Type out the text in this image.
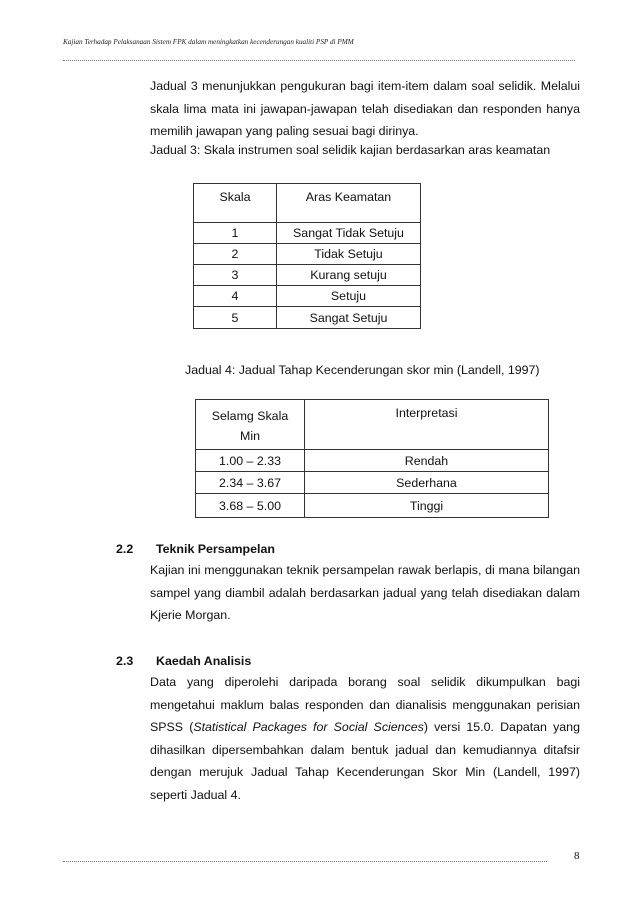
Kajian Terhadap Pelaksanaan Sistem FPK dalam meningkatkan kecenderungan kualiti PSP di PMM

Jadual 3 menunjukkan pengukuran bagi item-item dalam soal selidik. Melalui skala lima mata ini jawapan-jawapan telah disediakan dan responden hanya memilih jawapan yang paling sesuai bagi dirinya.

Jadual 3: Skala instrumen soal selidik kajian berdasarkan aras keamatan

Skala	Aras Keamatan
1	Sangat Tidak Setuju
2	Tidak Setuju
3	Kurang setuju
4	Setuju
5	Sangat Setuju

Jadual 4: Jadual Tahap Kecenderungan skor min (Landell, 1997)

Selamg Skala
Min	Interpretasi
1.00 – 2.33	Rendah
2.34 – 3.67	Sederhana
3.68 – 5.00	Tinggi
2.2 Teknik Persampelan

Kajian ini menggunakan teknik persampelan rawak berlapis, di mana bilangan sampel yang diambil adalah berdasarkan jadual yang telah disediakan dalam Kjerie Morgan.

2.3 Kaedah Analisis

Data yang diperolehi daripada borang soal selidik dikumpulkan bagi mengetahui maklum balas responden dan dianalisis menggunakan perisian SPSS (Statistical Packages for Social Sciences) versi 15.0. Dapatan yang dihasilkan dipersembahkan dalam bentuk jadual dan kemudiannya ditafsir dengan merujuk Jadual Tahap Kecenderungan Skor Min (Landell, 1997) seperti Jadual 4.

8
